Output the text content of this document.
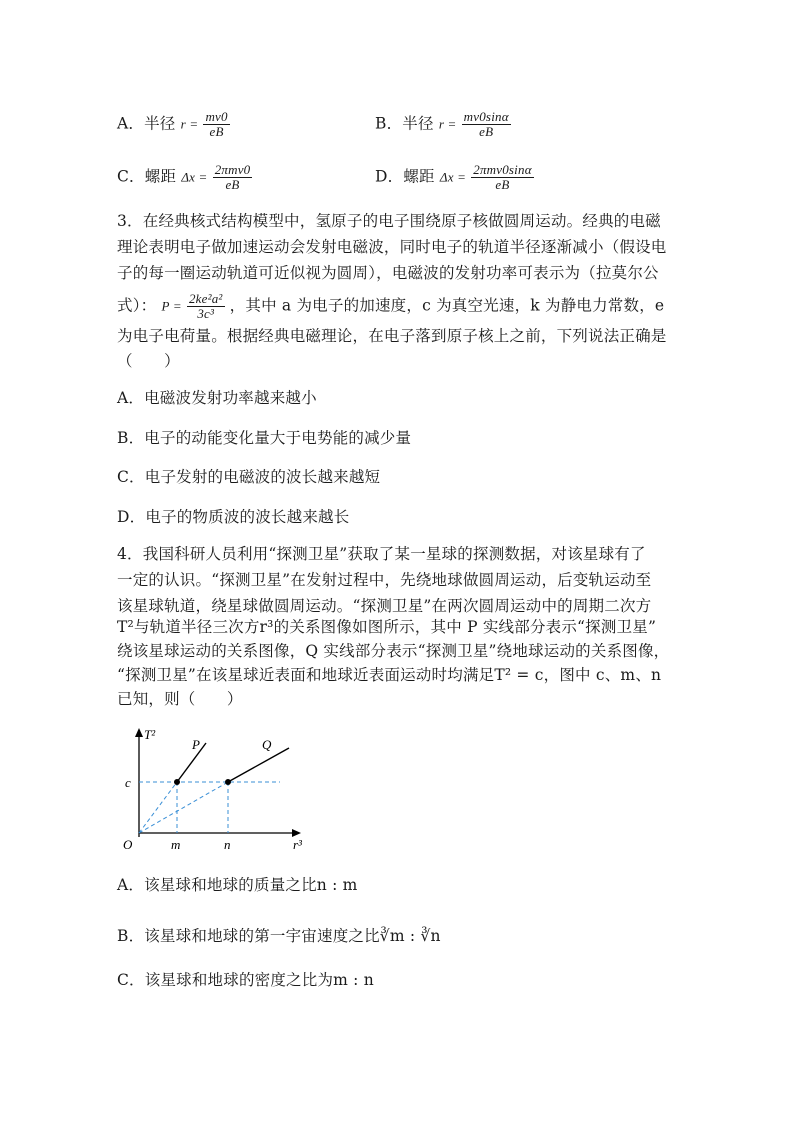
A．半径 $r = \frac{mv0}{eB}$	B．半径 $r = \frac{mv0\sin\alpha}{eB}$
C．螺距 $\Delta x = \frac{\text{2πmv0}}{eB}$	D．螺距 $\Delta x = \frac{\text{2πmv0sinα}}{eB}$
3．在经典核式结构模型中，氢原子的电子围绕原子核做圆周运动。经典的电磁
理论表明电子做加速运动会发射电磁波，同时电子的轨道半径逐渐减小（假设电
子的每一圈运动轨道可近似视为圆周），电磁波的发射功率可表示为（拉莫尔公
式）： $P = \frac{\text{2ke²a²}}{\text{3c³}}$ ，其中 a 为电子的加速度，c 为真空光速，k 为静电力常数，e
为电子电荷量。根据经典电磁理论，在电子落到原子核上之前，下列说法正确是
（　　）
A．电磁波发射功率越来越小
B．电子的动能变化量大于电势能的减少量
C．电子发射的电磁波的波长越来越短
D．电子的物质波的波长越来越长
4．我国科研人员利用“探测卫星”获取了某一星球的探测数据，对该星球有了
一定的认识。“探测卫星”在发射过程中，先绕地球做圆周运动，后变轨运动至
该星球轨道，绕星球做圆周运动。“探测卫星”在两次圆周运动中的周期二次方
T²与轨道半径三次方r³的关系图像如图所示，其中 P 实线部分表示“探测卫星”
绕该星球运动的关系图像，Q 实线部分表示“探测卫星”绕地球运动的关系图像，
“探测卫星”在该星球近表面和地球近表面运动时均满足T² = c，图中 c、m、n
已知，则（　　）
T²
r³
O
c
m	n
P	Q
A．该星球和地球的质量之比n : m
B．该星球和地球的第一宇宙速度之比∛m : ∛n
C．该星球和地球的密度之比为m : n
